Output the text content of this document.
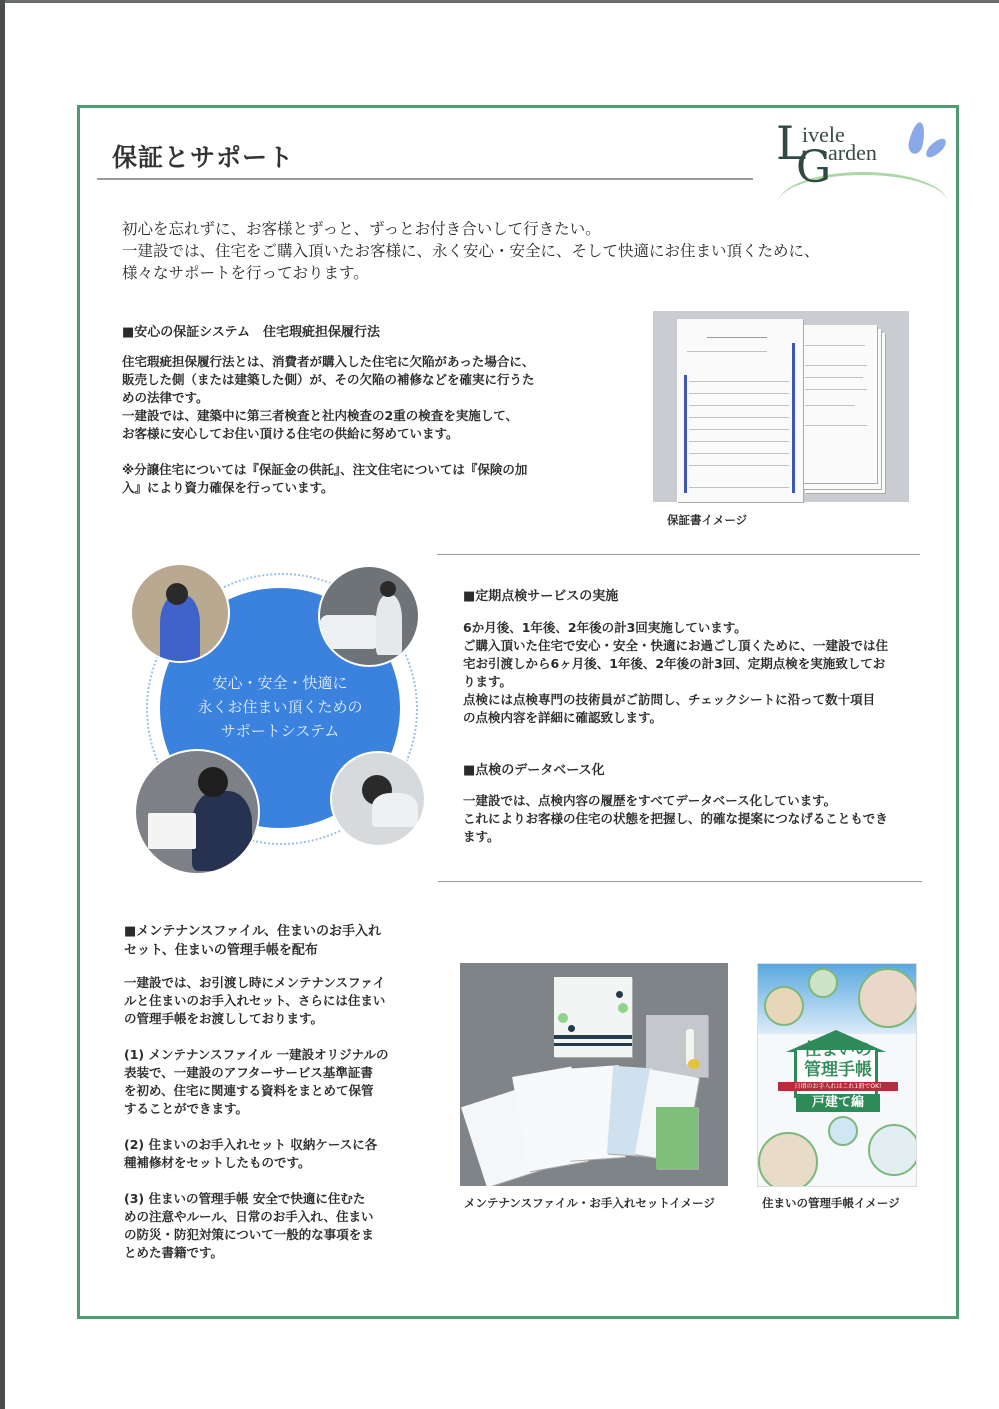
保証とサポート	L
ivele
G
arden
初心を忘れずに、お客様とずっと、ずっとお付き合いして行きたい。
一建設では、住宅をご購入頂いたお客様に、永く安心・安全に、そして快適にお住まい頂くために、
様々なサポートを行っております。
■安心の保証システム　住宅瑕疵担保履行法
住宅瑕疵担保履行法とは、消費者が購入した住宅に欠陥があった場合に、
販売した側（または建築した側）が、その欠陥の補修などを確実に行うた
めの法律です。
一建設では、建築中に第三者検査と社内検査の2重の検査を実施して、
お客様に安心してお住い頂ける住宅の供給に努めています。
※分譲住宅については『保証金の供託』、注文住宅については『保険の加
入』により資力確保を行っています。
保証書イメージ
安心・安全・快適に
永くお住まい頂くための
サポートシステム
■定期点検サービスの実施
6か月後、1年後、2年後の計3回実施しています。
ご購入頂いた住宅で安心・安全・快適にお過ごし頂くために、一建設では住
宅お引渡しから6ヶ月後、1年後、2年後の計3回、定期点検を実施致してお
ります。
点検には点検専門の技術員がご訪問し、チェックシートに沿って数十項目
の点検内容を詳細に確認致します。
■点検のデータベース化
一建設では、点検内容の履歴をすべてデータベース化しています。
これによりお客様の住宅の状態を把握し、的確な提案につなげることもでき
ます。
■メンテナンスファイル、住まいのお手入れ
セット、住まいの管理手帳を配布
一建設では、お引渡し時にメンテナンスファイ
ルと住まいのお手入れセット、さらには住まい
の管理手帳をお渡ししております。
(1) メンテナンスファイル 一建設オリジナルの
表装で、一建設のアフターサービス基準証書
を初め、住宅に関連する資料をまとめて保管
することができます。
(2) 住まいのお手入れセット 収納ケースに各
種補修材をセットしたものです。
(3) 住まいの管理手帳 安全で快適に住むた
めの注意やルール、日常のお手入れ、住まい
の防災・防犯対策について一般的な事項をま
とめた書籍です。
メンテナンスファイル・お手入れセットイメージ
住まいの
管理手帳
日頃のお手入れはこれ1冊でOK!
戸建て編
住まいの管理手帳イメージ
